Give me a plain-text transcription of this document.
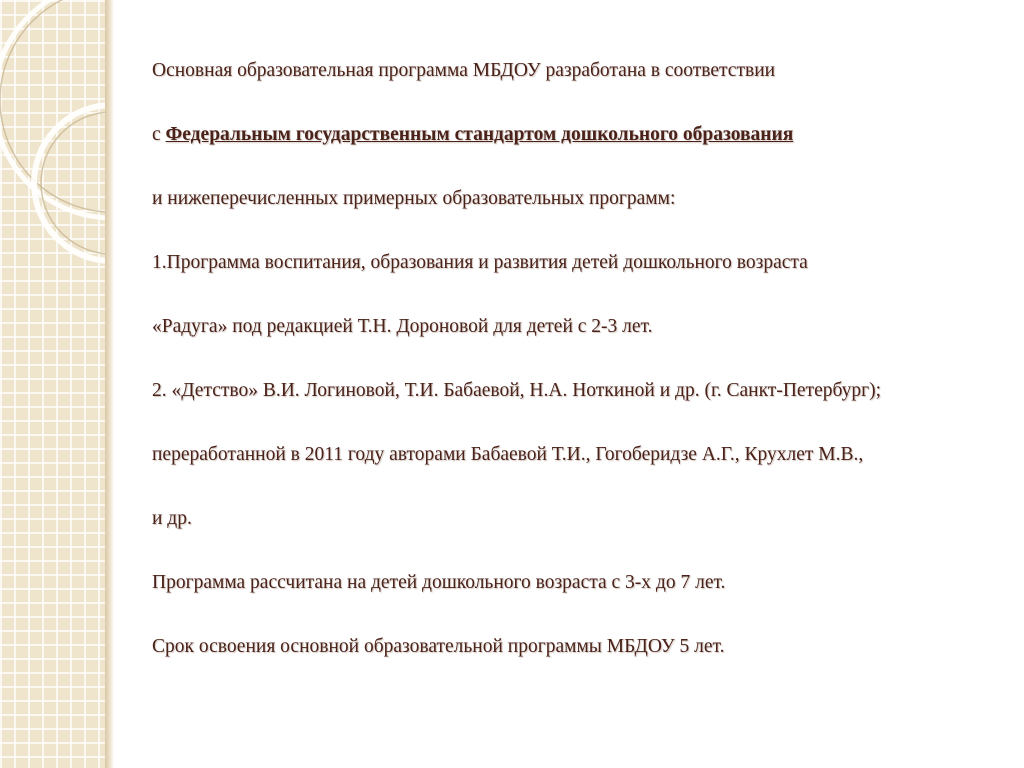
Основная образовательная программа МБДОУ разработана в соответствии
с Федеральным государственным стандартом дошкольного образования
и нижеперечисленных примерных образовательных программ:
1.Программа воспитания, образования и развития детей дошкольного возраста
«Радуга» под редакцией Т.Н. Дороновой для детей с 2-3 лет.
2. «Детство» В.И. Логиновой, Т.И. Бабаевой, Н.А. Ноткиной и др. (г. Санкт-Петербург);
переработанной в 2011 году авторами Бабаевой Т.И., Гогоберидзе А.Г., Крухлет М.В.,
и др.
Программа рассчитана на детей дошкольного возраста с 3-х до 7 лет.
Срок освоения основной образовательной программы МБДОУ 5 лет.
